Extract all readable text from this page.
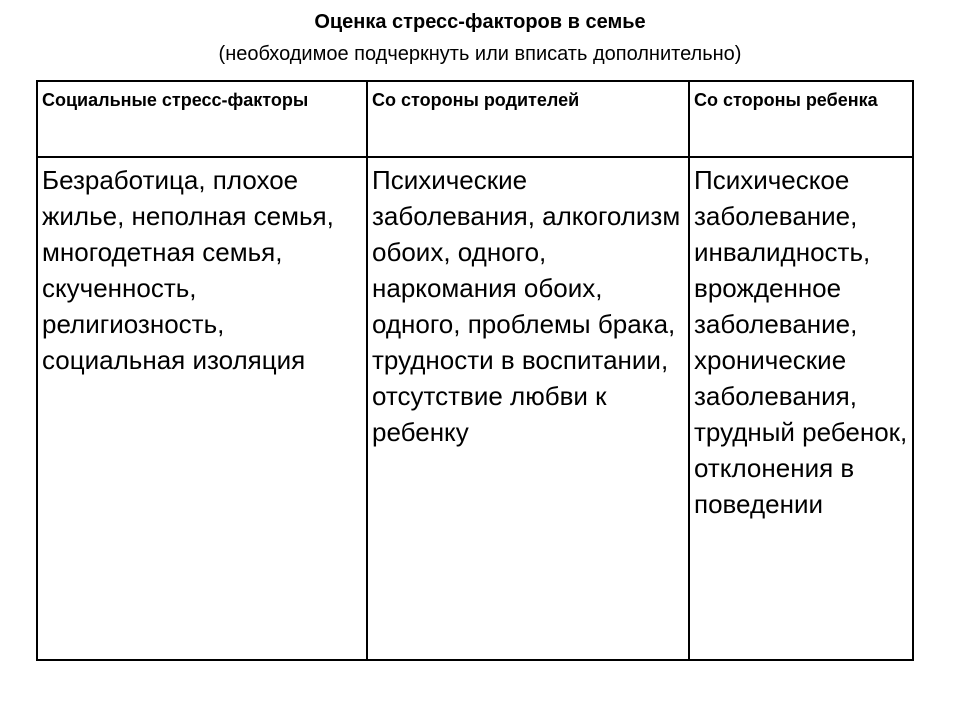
Оценка стресс-факторов в семье

(необходимое подчеркнуть или вписать дополнительно)

Социальные стресс-факторы	Со стороны родителей	Со стороны ребенка
Безработица, плохое жилье, неполная семья, многодетная семья, скученность, религиозность, социальная изоляция	Психические заболевания, алкоголизм обоих, одного, наркомания обоих, одного, проблемы брака, трудности в воспитании, отсутствие любви к ребенку	Психическое заболевание, инвалидность, врожденное заболевание, хронические заболевания, трудный ребенок, отклонения в поведении
